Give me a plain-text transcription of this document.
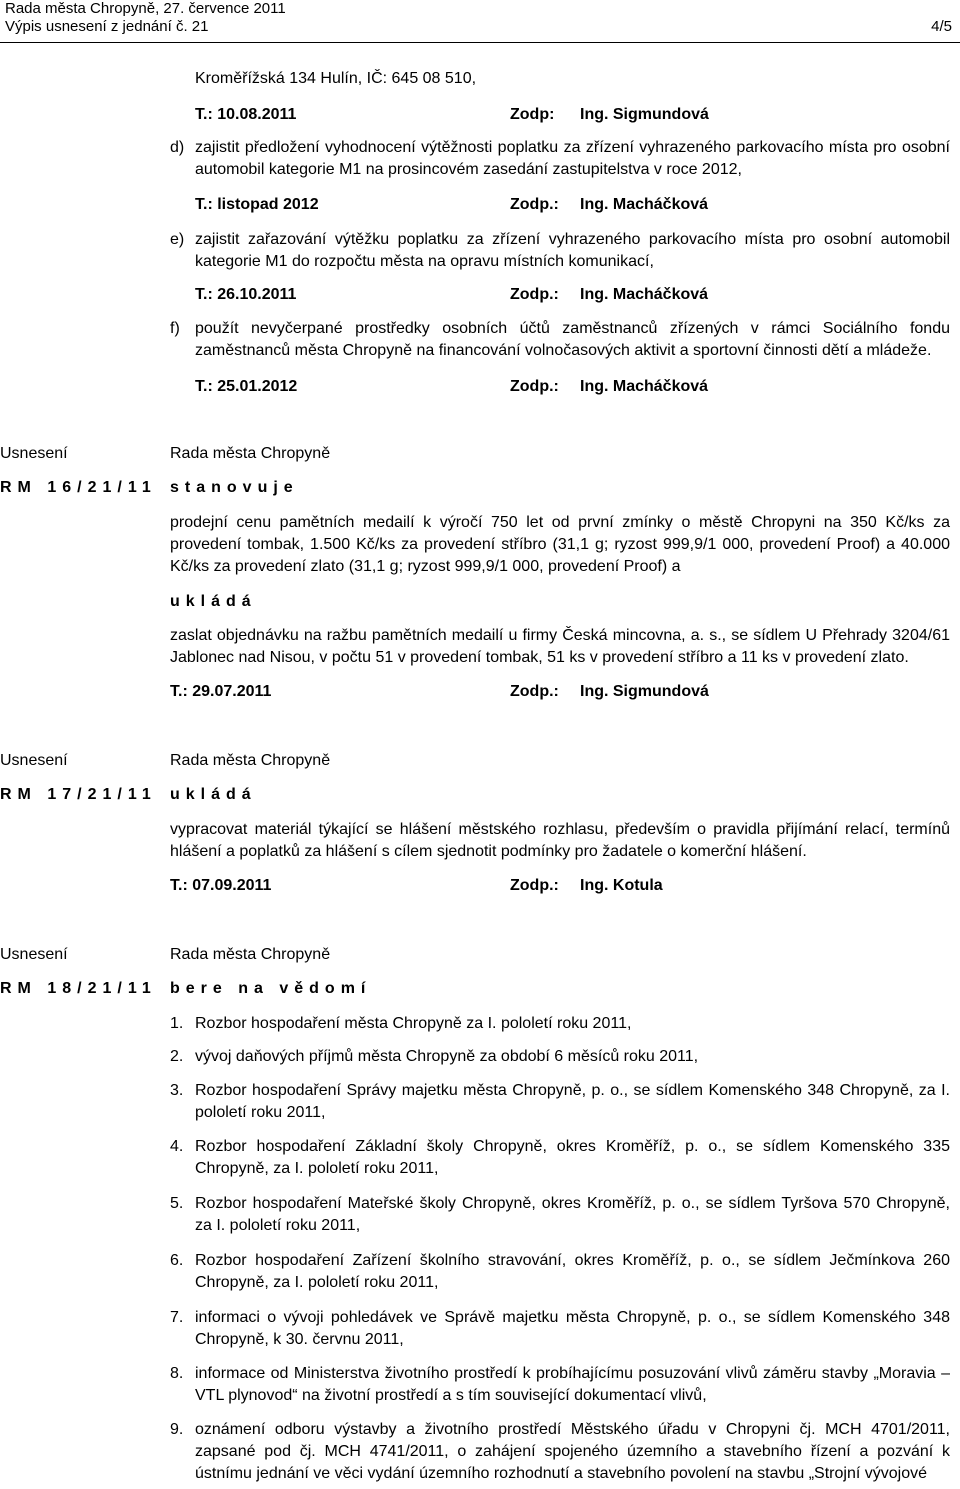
Rada města Chropyně, 27. července 2011
Výpis usnesení z jednání č. 21	4/5
Kroměřížská 134 Hulín, IČ: 645 08 510,
T.: 10.08.2011	Zodp: Ing. Sigmundová
d) zajistit předložení vyhodnocení výtěžnosti poplatku za zřízení vyhrazeného parkovacího místa pro osobní automobil kategorie M1 na prosincovém zasedání zastupitelstva v roce 2012,
T.: listopad 2012	Zodp.: Ing. Macháčková
e) zajistit zařazování výtěžku poplatku za zřízení vyhrazeného parkovacího místa pro osobní automobil kategorie M1 do rozpočtu města na opravu místních komunikací,
T.: 26.10.2011	Zodp.: Ing. Macháčková
f) použít nevyčerpané prostředky osobních účtů zaměstnanců zřízených v rámci Sociálního fondu zaměstnanců města Chropyně na financování volnočasových aktivit a sportovní činnosti dětí a mládeže.
T.: 25.01.2012	Zodp.: Ing. Macháčková
Usnesení	Rada města Chropyně
RM 16/21/11 stanovuje
prodejní cenu pamětních medailí k výročí 750 let od první zmínky o městě Chropyni na 350 Kč/ks za provedení tombak, 1.500 Kč/ks za provedení stříbro (31,1 g; ryzost 999,9/1 000, provedení Proof) a 40.000 Kč/ks za provedení zlato (31,1 g; ryzost 999,9/1 000, provedení Proof) a
ukládá
zaslat objednávku na ražbu pamětních medailí u firmy Česká mincovna, a. s., se sídlem U Přehrady 3204/61 Jablonec nad Nisou, v počtu 51 v provedení tombak, 51 ks v provedení stříbro a 11 ks v provedení zlato.
T.: 29.07.2011	Zodp.: Ing. Sigmundová
Usnesení	Rada města Chropyně
RM 17/21/11 ukládá
vypracovat materiál týkající se hlášení městského rozhlasu, především o pravidla přijímání relací, termínů hlášení a poplatků za hlášení s cílem sjednotit podmínky pro žadatele o komerční hlášení.
T.: 07.09.2011	Zodp.: Ing. Kotula
Usnesení	Rada města Chropyně
RM 18/21/11 bere na vědomí
1. Rozbor hospodaření města Chropyně za I. pololetí roku 2011,
2. vývoj daňových příjmů města Chropyně za období 6 měsíců roku 2011,
3. Rozbor hospodaření Správy majetku města Chropyně, p. o., se sídlem Komenského 348 Chropyně, za I. pololetí roku 2011,
4. Rozbor hospodaření Základní školy Chropyně, okres Kroměříž, p. o., se sídlem Komenského 335 Chropyně, za I. pololetí roku 2011,
5. Rozbor hospodaření Mateřské školy Chropyně, okres Kroměříž, p. o., se sídlem Tyršova 570 Chropyně, za I. pololetí roku 2011,
6. Rozbor hospodaření Zařízení školního stravování, okres Kroměříž, p. o., se sídlem Ječmínkova 260 Chropyně, za I. pololetí roku 2011,
7. informaci o vývoji pohledávek ve Správě majetku města Chropyně, p. o., se sídlem Komenského 348 Chropyně, k 30. červnu 2011,
8. informace od Ministerstva životního prostředí k probíhajícímu posuzování vlivů záměru stavby „Moravia – VTL plynovod“ na životní prostředí a s tím související dokumentací vlivů,
9. oznámení odboru výstavby a životního prostředí Městského úřadu v Chropyni čj. MCH 4701/2011, zapsané pod čj. MCH 4741/2011, o zahájení spojeného územního a stavebního řízení a pozvání k ústnímu jednání ve věci vydání územního rozhodnutí a stavebního povolení na stavbu „Strojní vývojové
